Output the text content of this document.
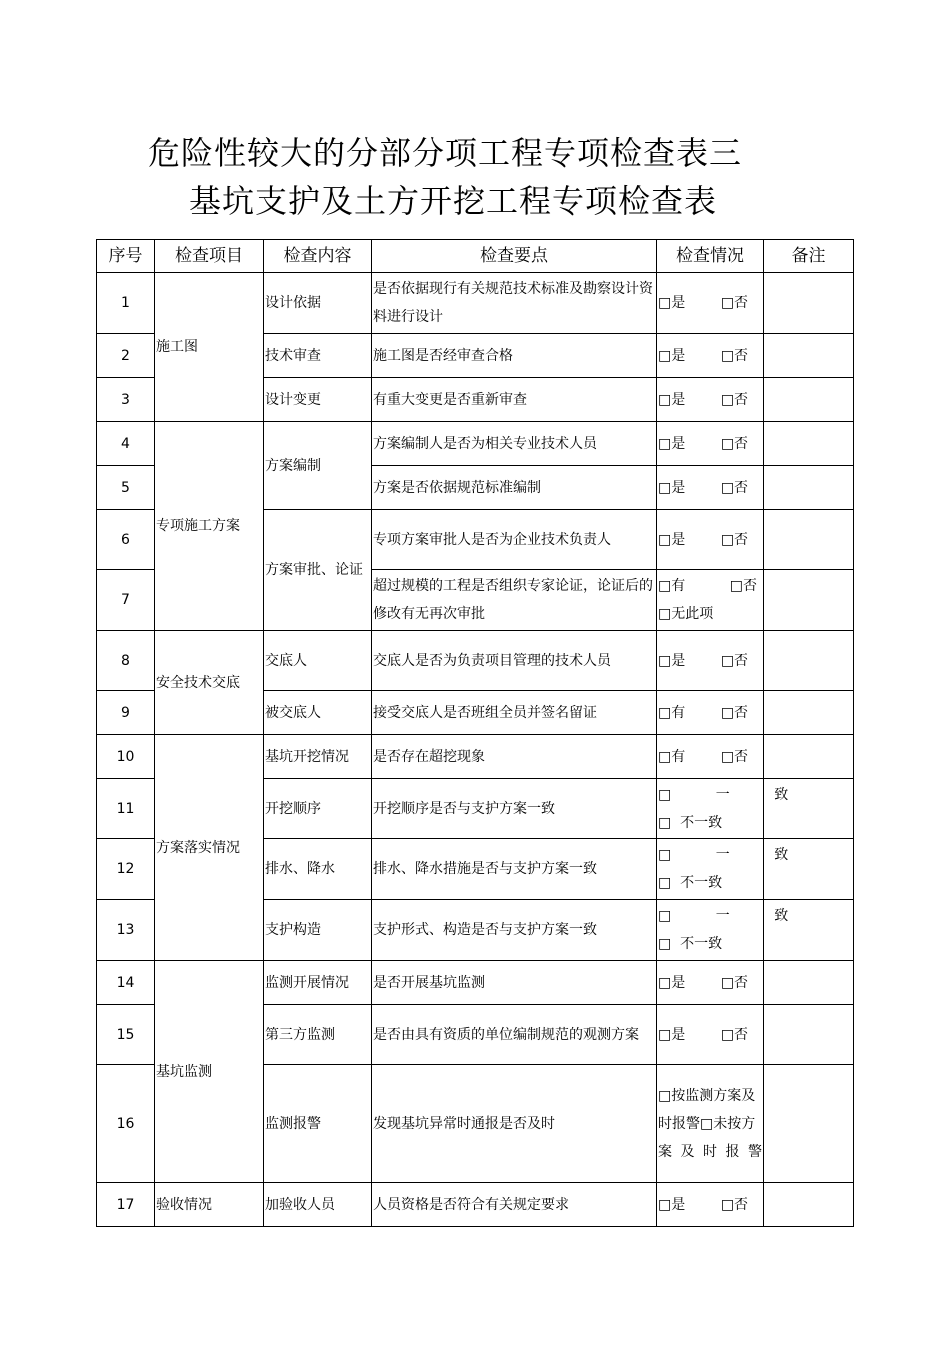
危险性较大的分部分项工程专项检查表三
基坑支护及土方开挖工程专项检查表
序号	检查项目	检查内容	检查要点	检查情况	备注
1	施工图	设计依据	是否依据现行有关规范技术标准及勘察设计资料进行设计	□是        □否	
2		技术审查	施工图是否经审查合格	□是        □否	
3		设计变更	有重大变更是否重新审查	□是        □否	
4	专项施工方案	方案编制	方案编制人是否为相关专业技术人员	□是        □否	
5			方案是否依据规范标准编制	□是        □否	
6		方案审批、论证	专项方案审批人是否为企业技术负责人	□是        □否	
7			超过规模的工程是否组织专家论证，论证后的修改有无再次审批	□有          □否
□无此项	

8	安全技术交底	交底人	交底人是否为负责项目管理的技术人员	□是        □否	
9		被交底人	接受交底人是否班组全员并签名留证	□有        □否	
10	方案落实情况	基坑开挖情况	是否存在超挖现象	□有        □否	
11		开挖顺序	开挖顺序是否与支护方案一致	□          一          致
□  不一致	

12		排水、降水	排水、降水措施是否与支护方案一致	□          一          致
□  不一致	

13		支护构造	支护形式、构造是否与支护方案一致	□          一          致
□  不一致	

14	基坑监测	监测开展情况	是否开展基坑监测	□是        □否	
15		第三方监测	是否由具有资质的单位编制规范的观测方案	□是        □否	
16		监测报警	发现基坑异常时通报是否及时	□按监测方案及时报警□未按方案及时报警	
17	验收情况	加验收人员	人员资格是否符合有关规定要求	□是        □否	
